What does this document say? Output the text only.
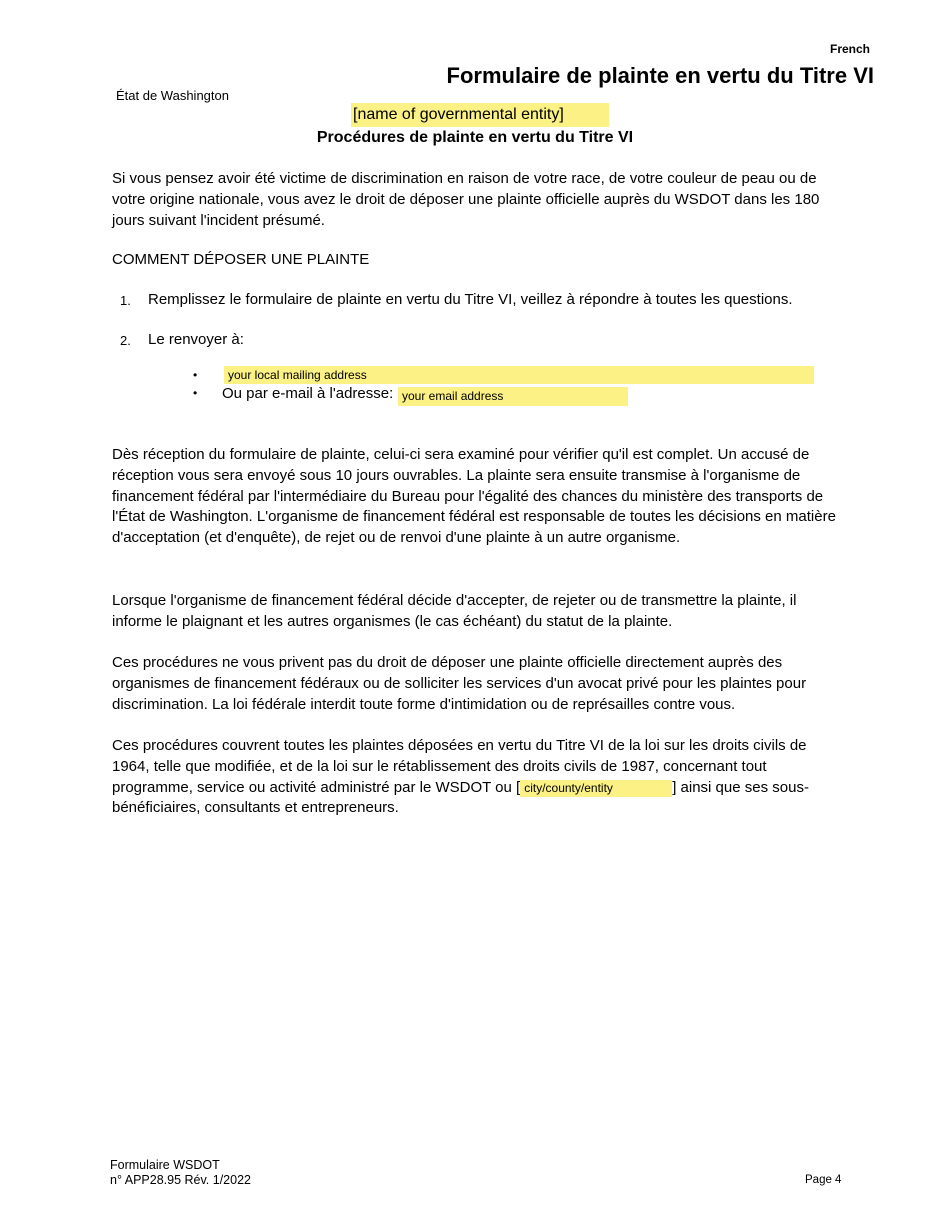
French
Formulaire de plainte en vertu du Titre VI
État de Washington
[name of governmental entity]
Procédures de plainte en vertu du Titre VI
Si vous pensez avoir été victime de discrimination en raison de votre race, de votre couleur de peau ou de votre origine nationale, vous avez le droit de déposer une plainte officielle auprès du WSDOT dans les 180 jours suivant l'incident présumé.
COMMENT DÉPOSER UNE PLAINTE
1. Remplissez le formulaire de plainte en vertu du Titre VI, veillez à répondre à toutes les questions.
2. Le renvoyer à:
•	your local mailing address
• Ou par e-mail à l'adresse: your email address
Dès réception du formulaire de plainte, celui-ci sera examiné pour vérifier qu'il est complet. Un accusé de réception vous sera envoyé sous 10 jours ouvrables. La plainte sera ensuite transmise à l'organisme de financement fédéral par l'intermédiaire du Bureau pour l'égalité des chances du ministère des transports de l'État de Washington. L'organisme de financement fédéral est responsable de toutes les décisions en matière d'acceptation (et d'enquête), de rejet ou de renvoi d'une plainte à un autre organisme.
Lorsque l'organisme de financement fédéral décide d'accepter, de rejeter ou de transmettre la plainte, il informe le plaignant et les autres organismes (le cas échéant) du statut de la plainte.
Ces procédures ne vous privent pas du droit de déposer une plainte officielle directement auprès des organismes de financement fédéraux ou de solliciter les services d'un avocat privé pour les plaintes pour discrimination. La loi fédérale interdit toute forme d'intimidation ou de représailles contre vous.
Ces procédures couvrent toutes les plaintes déposées en vertu du Titre VI de la loi sur les droits civils de 1964, telle que modifiée, et de la loi sur le rétablissement des droits civils de 1987, concernant tout programme, service ou activité administré par le WSDOT ou [ city/county/entity	] ainsi que ses sous-bénéficiaires, consultants et entrepreneurs.
Formulaire WSDOT
n° APP28.95 Rév. 1/2022	Page 4
